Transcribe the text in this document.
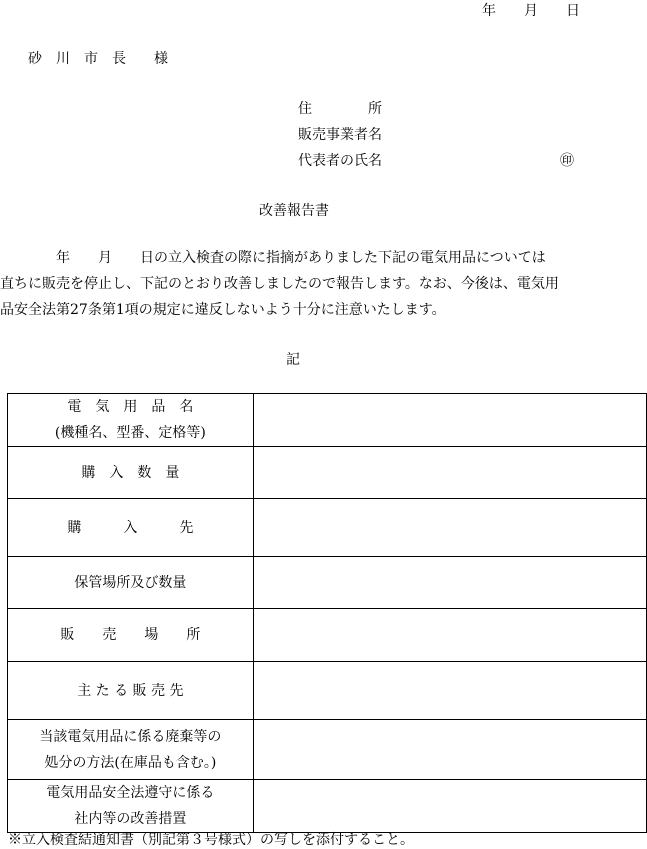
年　　月　　日
砂　川　市　長　　様
住　　　　所
販売事業者名
代表者の氏名	㊞
改善報告書
　　　　年　　月　　日の立入検査の際に指摘がありました下記の電気用品については
直ちに販売を停止し、下記のとおり改善しましたので報告します。なお、今後は、電気用
品安全法第27条第1項の規定に違反しないよう十分に注意いたします。
記
電　気　用　品　名
(機種名、型番、定格等)	

購　入　数　量	
購　　　入　　　先	
保管場所及び数量	
販　　売　　場　　所	
主 た る 販 売 先	

当該電気用品に係る廃棄等の
処分の方法(在庫品も含む。)	

電気用品安全法遵守に係る
社内等の改善措置	

※立入検査結通知書（別記第３号様式）の写しを添付すること。
